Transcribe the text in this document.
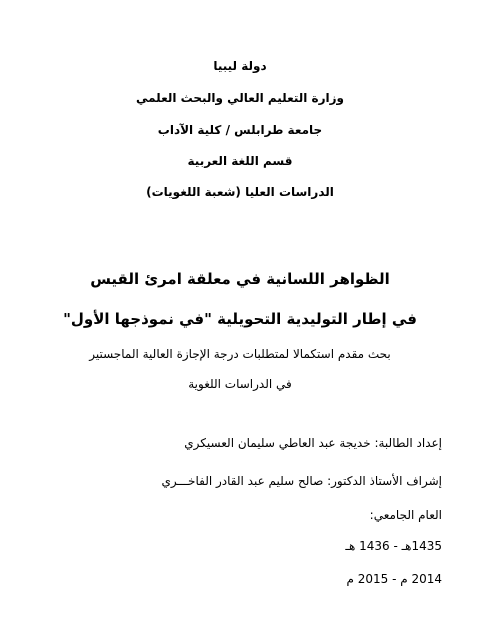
دولة ليبيا
وزارة التعليم العالي والبحث العلمي
جامعة طرابلس / كلية الآداب
قسم اللغة العربية
الدراسات العليا (شعبة اللغويات)
الظواهر اللسانية في معلقة امرئ القيس
في إطار التوليدية التحويلية "في نموذجها الأول"
بحث مقدم استكمالا لمتطلبات درجة الإجازة العالية الماجستير
في الدراسات اللغوية
إعداد الطالبة: خديجة عبد العاطي سليمان العسيكري
إشراف الأستاذ الدكتور: صالح سليم عبد القادر الفاخـــري
العام الجامعي:
1435هـ - 1436 هـ
2014 م - 2015 م
